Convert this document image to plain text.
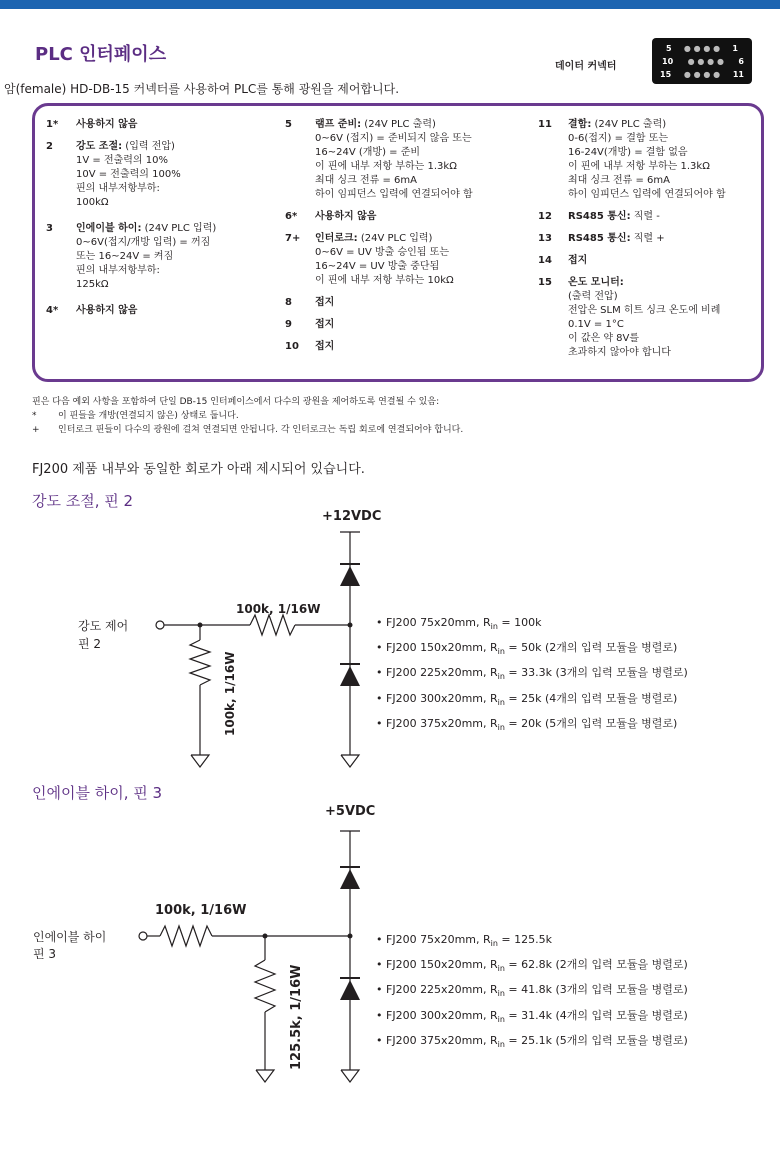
PLC 인터페이스
암(female) HD-DB-15 커넥터를 사용하여 PLC를 통해 광원을 제어합니다.
데이터 커넥터
5 ● ● ● ● 1
10 ● ● ● ● 6
15 ● ● ● ● 11
1* 사용하지 않음
2 강도 조절: (입력 전압)
1V = 전출력의 10%
10V = 전출력의 100%
핀의 내부저항부하:
100kΩ
3 인에이블 하이: (24V PLC 입력)
0~6V(접지/개방 입력) = 꺼짐
또는 16~24V = 켜짐
핀의 내부저항부하:
125kΩ
4* 사용하지 않음
5 램프 준비: (24V PLC 출력)
0~6V (접지) = 준비되지 않음 또는
16~24V (개방) = 준비
이 핀에 내부 저항 부하는 1.3kΩ
최대 싱크 전류 = 6mA
하이 임피던스 입력에 연결되어야 함
6* 사용하지 않음
7+ 인터로크: (24V PLC 입력)
0~6V = UV 방출 승인됨 또는
16~24V = UV 방출 중단됨
이 핀에 내부 저항 부하는 10kΩ
8 접지
9 접지
10 접지
11 결함: (24V PLC 출력)
0-6(접지) = 결함 또는
16-24V(개방) = 결함 없음
이 핀에 내부 저항 부하는 1.3kΩ
최대 싱크 전류 = 6mA
하이 임피던스 입력에 연결되어야 함
12 RS485 통신: 직렬 -
13 RS485 통신: 직렬 +
14 접지
15 온도 모니터:
(출력 전압)
전압은 SLM 히트 싱크 온도에 비례
0.1V = 1°C
이 값은 약 8V를
초과하지 않아야 합니다
핀은 다음 예외 사항을 포함하여 단일 DB-15 인터페이스에서 다수의 광원을 제어하도록 연결될 수 있음:
*	이 핀들을 개방(연결되지 않은) 상태로 둡니다.
+	인터로크 핀들이 다수의 광원에 걸쳐 연결되면 안됩니다. 각 인터로크는 독립 회로에 연결되어야 합니다.
FJ200 제품 내부와 동일한 회로가 아래 제시되어 있습니다.
강도 조절, 핀 2
+12VDC
100k, 1/16W
100k, 1/16W
강도 제어
핀 2
• FJ200 75x20mm, $R_{in} = 100k$
• FJ200 150x20mm, $R_{in} = 50k$ (2개의 입력 모듈을 병렬로)
• FJ200 225x20mm, $R_{in} = 33.3k$ (3개의 입력 모듈을 병렬로)
• FJ200 300x20mm, $R_{in} = 25k$ (4개의 입력 모듈을 병렬로)
• FJ200 375x20mm, $R_{in} = 20k$ (5개의 입력 모듈을 병렬로)
인에이블 하이, 핀 3
+5VDC
100k, 1/16W
125.5k, 1/16W
인에이블 하이
핀 3
• FJ200 75x20mm, $R_{in} = 125.5k$
• FJ200 150x20mm, $R_{in} = 62.8k$ (2개의 입력 모듈을 병렬로)
• FJ200 225x20mm, $R_{in} = 41.8k$ (3개의 입력 모듈을 병렬로)
• FJ200 300x20mm, $R_{in} = 31.4k$ (4개의 입력 모듈을 병렬로)
• FJ200 375x20mm, $R_{in} = 25.1k$ (5개의 입력 모듈을 병렬로)
